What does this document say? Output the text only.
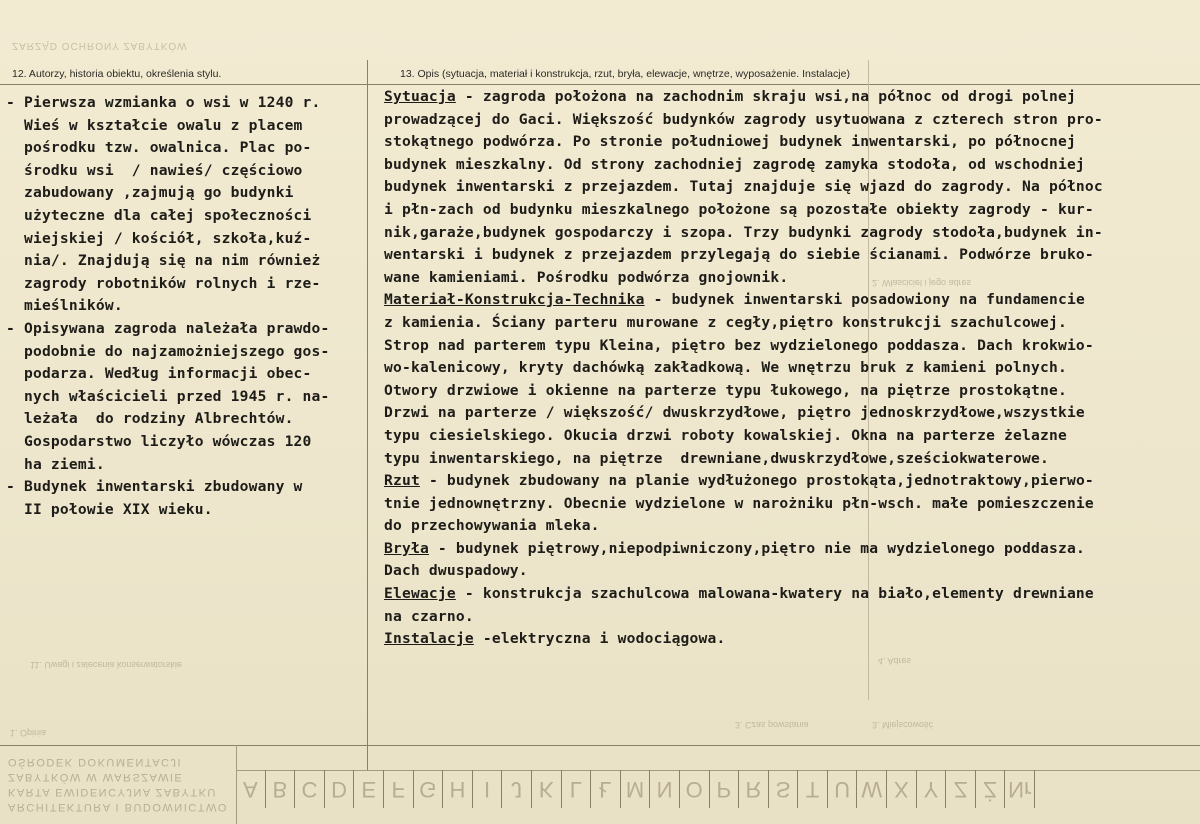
ZARZĄD OCHRONY ZABYTKÓW
11. Uwagi i zalecenia konserwatorskie
1. Opinia
2. Własciciel i jego adres
4. Adres
3. Czas powstania	3. Miejscowość
12. Autorzy, historia obiektu, określenia stylu.	13. Opis (sytuacja, materiał i konstrukcja, rzut, bryła, elewacje, wnętrze, wyposażenie. Instalacje)
- Pierwsza wzmianka o wsi w 1240 r.
Wieś w kształcie owalu z placem
pośrodku tzw. owalnica. Plac po-
środku wsi  / nawieś/ częściowo
zabudowany ,zajmują go budynki
użyteczne dla całej społeczności
wiejskiej / kościół, szkoła,kuź-
nia/. Znajdują się na nim również
zagrody robotników rolnych i rze-
mieślników.
- Opisywana zagroda należała prawdo-
podobnie do najzamożniejszego gos-
podarza. Według informacji obec-
nych właścicieli przed 1945 r. na-
leżała  do rodziny Albrechtów.
Gospodarstwo liczyło wówczas 120
ha ziemi.
- Budynek inwentarski zbudowany w
II połowie XIX wieku.
Sytuacja - zagroda położona na zachodnim skraju wsi,na północ od drogi polnej
prowadzącej do Gaci. Większość budynków zagrody usytuowana z czterech stron pro-
stokątnego podwórza. Po stronie południowej budynek inwentarski, po północnej
budynek mieszkalny. Od strony zachodniej zagrodę zamyka stodoła, od wschodniej
budynek inwentarski z przejazdem. Tutaj znajduje się wjazd do zagrody. Na północ
i płn-zach od budynku mieszkalnego położone są pozostałe obiekty zagrody - kur-
nik,garaże,budynek gospodarczy i szopa. Trzy budynki zagrody stodoła,budynek in-
wentarski i budynek z przejazdem przylegają do siebie ścianami. Podwórze bruko-
wane kamieniami. Pośrodku podwórza gnojownik.
Materiał-Konstrukcja-Technika - budynek inwentarski posadowiony na fundamencie
z kamienia. Ściany parteru murowane z cegły,piętro konstrukcji szachulcowej.
Strop nad parterem typu Kleina, piętro bez wydzielonego poddasza. Dach krokwio-
wo-kalenicowy, kryty dachówką zakładkową. We wnętrzu bruk z kamieni polnych.
Otwory drzwiowe i okienne na parterze typu łukowego, na piętrze prostokątne.
Drzwi na parterze / większość/ dwuskrzydłowe, piętro jednoskrzydłowe,wszystkie
typu ciesielskiego. Okucia drzwi roboty kowalskiej. Okna na parterze żelazne
typu inwentarskiego, na piętrze  drewniane,dwuskrzydłowe,sześciokwaterowe.
Rzut - budynek zbudowany na planie wydłużonego prostokąta,jednotraktowy,pierwo-
tnie jednownętrzny. Obecnie wydzielone w narożniku płn-wsch. małe pomieszczenie
do przechowywania mleka.
Bryła - budynek piętrowy,niepodpiwniczony,piętro nie ma wydzielonego poddasza.
Dach dwuspadowy.
Elewacje - konstrukcja szachulcowa malowana-kwatery na biało,elementy drewniane
na czarno.
Instalacje -elektryczna i wodociągowa.
ARCHITEKTURA I BUDOWNICTWO
KARTA EWIDENCYJNA ZABYTKU
ZABYTKÓW W WARSZAWIE
OŚRODEK DOKUMENTACJI
A B C D E F G H I J K L Ł M N O P R S T U W X Y Z Ż Nr
